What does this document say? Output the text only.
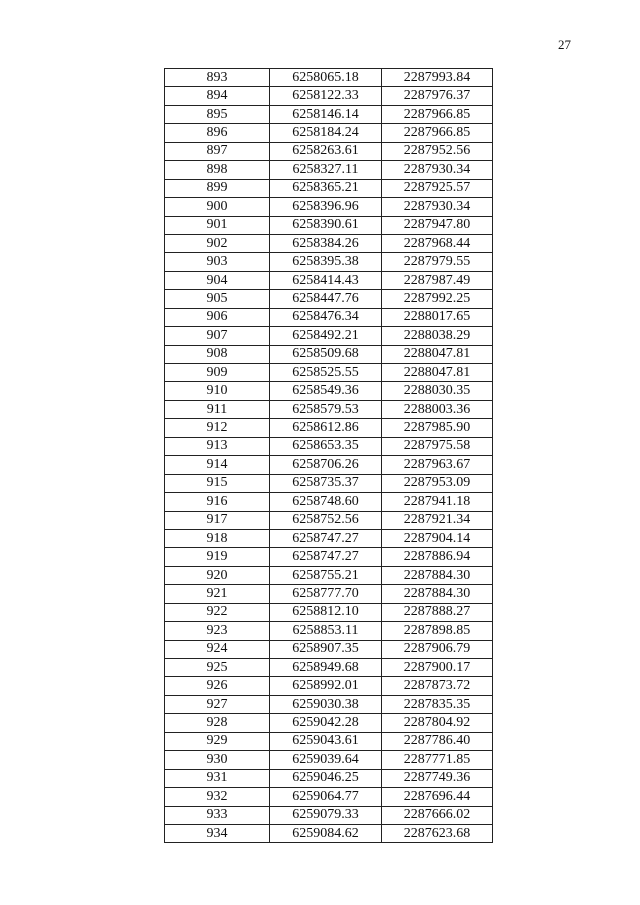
27
893	6258065.18	2287993.84
894	6258122.33	2287976.37
895	6258146.14	2287966.85
896	6258184.24	2287966.85
897	6258263.61	2287952.56
898	6258327.11	2287930.34
899	6258365.21	2287925.57
900	6258396.96	2287930.34
901	6258390.61	2287947.80
902	6258384.26	2287968.44
903	6258395.38	2287979.55
904	6258414.43	2287987.49
905	6258447.76	2287992.25
906	6258476.34	2288017.65
907	6258492.21	2288038.29
908	6258509.68	2288047.81
909	6258525.55	2288047.81
910	6258549.36	2288030.35
911	6258579.53	2288003.36
912	6258612.86	2287985.90
913	6258653.35	2287975.58
914	6258706.26	2287963.67
915	6258735.37	2287953.09
916	6258748.60	2287941.18
917	6258752.56	2287921.34
918	6258747.27	2287904.14
919	6258747.27	2287886.94
920	6258755.21	2287884.30
921	6258777.70	2287884.30
922	6258812.10	2287888.27
923	6258853.11	2287898.85
924	6258907.35	2287906.79
925	6258949.68	2287900.17
926	6258992.01	2287873.72
927	6259030.38	2287835.35
928	6259042.28	2287804.92
929	6259043.61	2287786.40
930	6259039.64	2287771.85
931	6259046.25	2287749.36
932	6259064.77	2287696.44
933	6259079.33	2287666.02
934	6259084.62	2287623.68
